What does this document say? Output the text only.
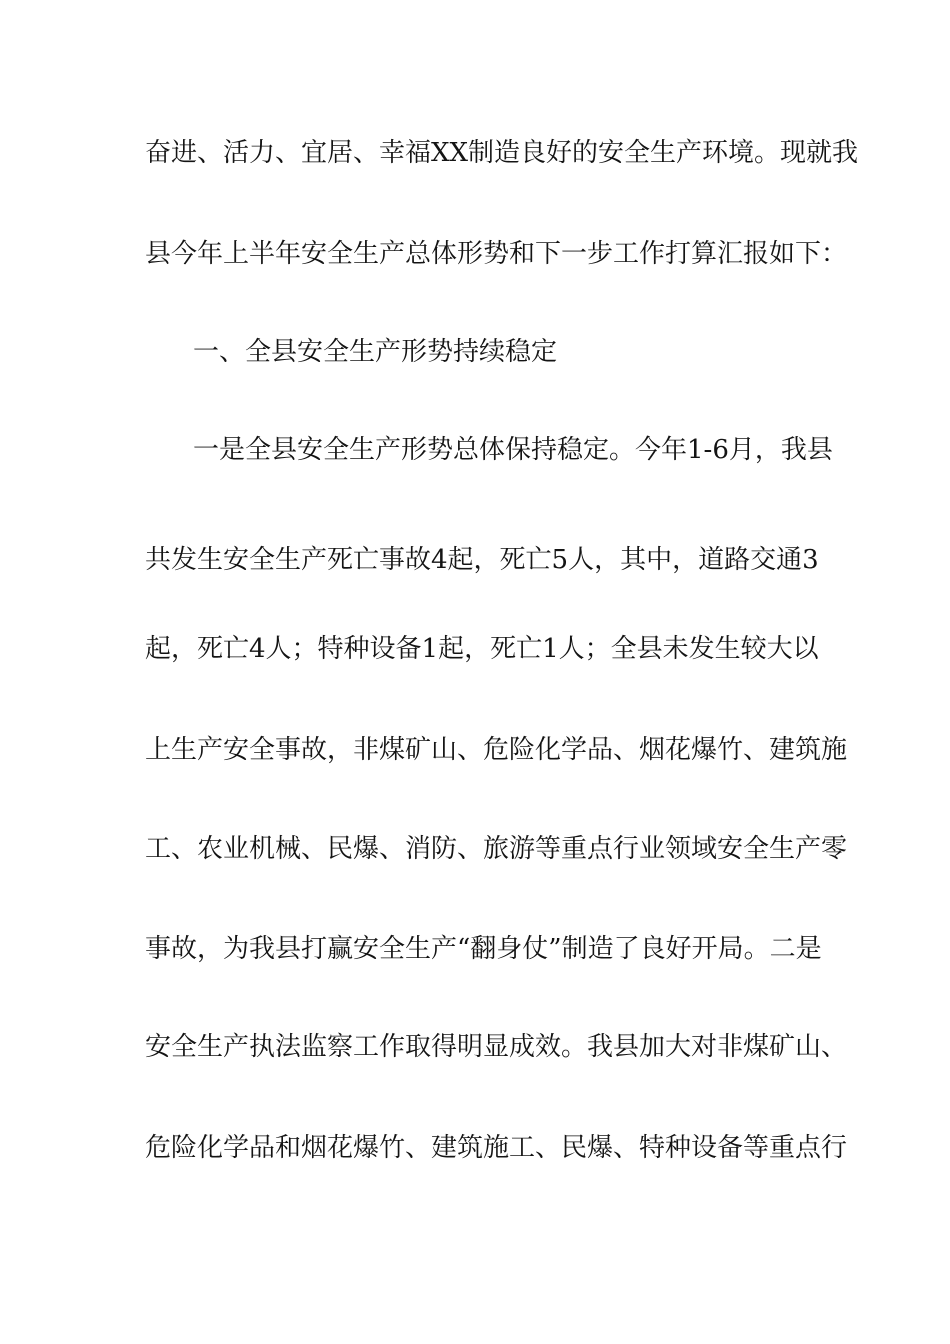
奋进、活力、宜居、幸福XX制造良好的安全生产环境。现就我
县今年上半年安全生产总体形势和下一步工作打算汇报如下：
一、全县安全生产形势持续稳定
一是全县安全生产形势总体保持稳定。今年1-6月，我县
共发生安全生产死亡事故4起，死亡5人，其中，道路交通3
起，死亡4人；特种设备1起，死亡1人；全县未发生较大以
上生产安全事故，非煤矿山、危险化学品、烟花爆竹、建筑施
工、农业机械、民爆、消防、旅游等重点行业领域安全生产零
事故，为我县打赢安全生产“翻身仗”制造了良好开局。二是
安全生产执法监察工作取得明显成效。我县加大对非煤矿山、
危险化学品和烟花爆竹、建筑施工、民爆、特种设备等重点行
